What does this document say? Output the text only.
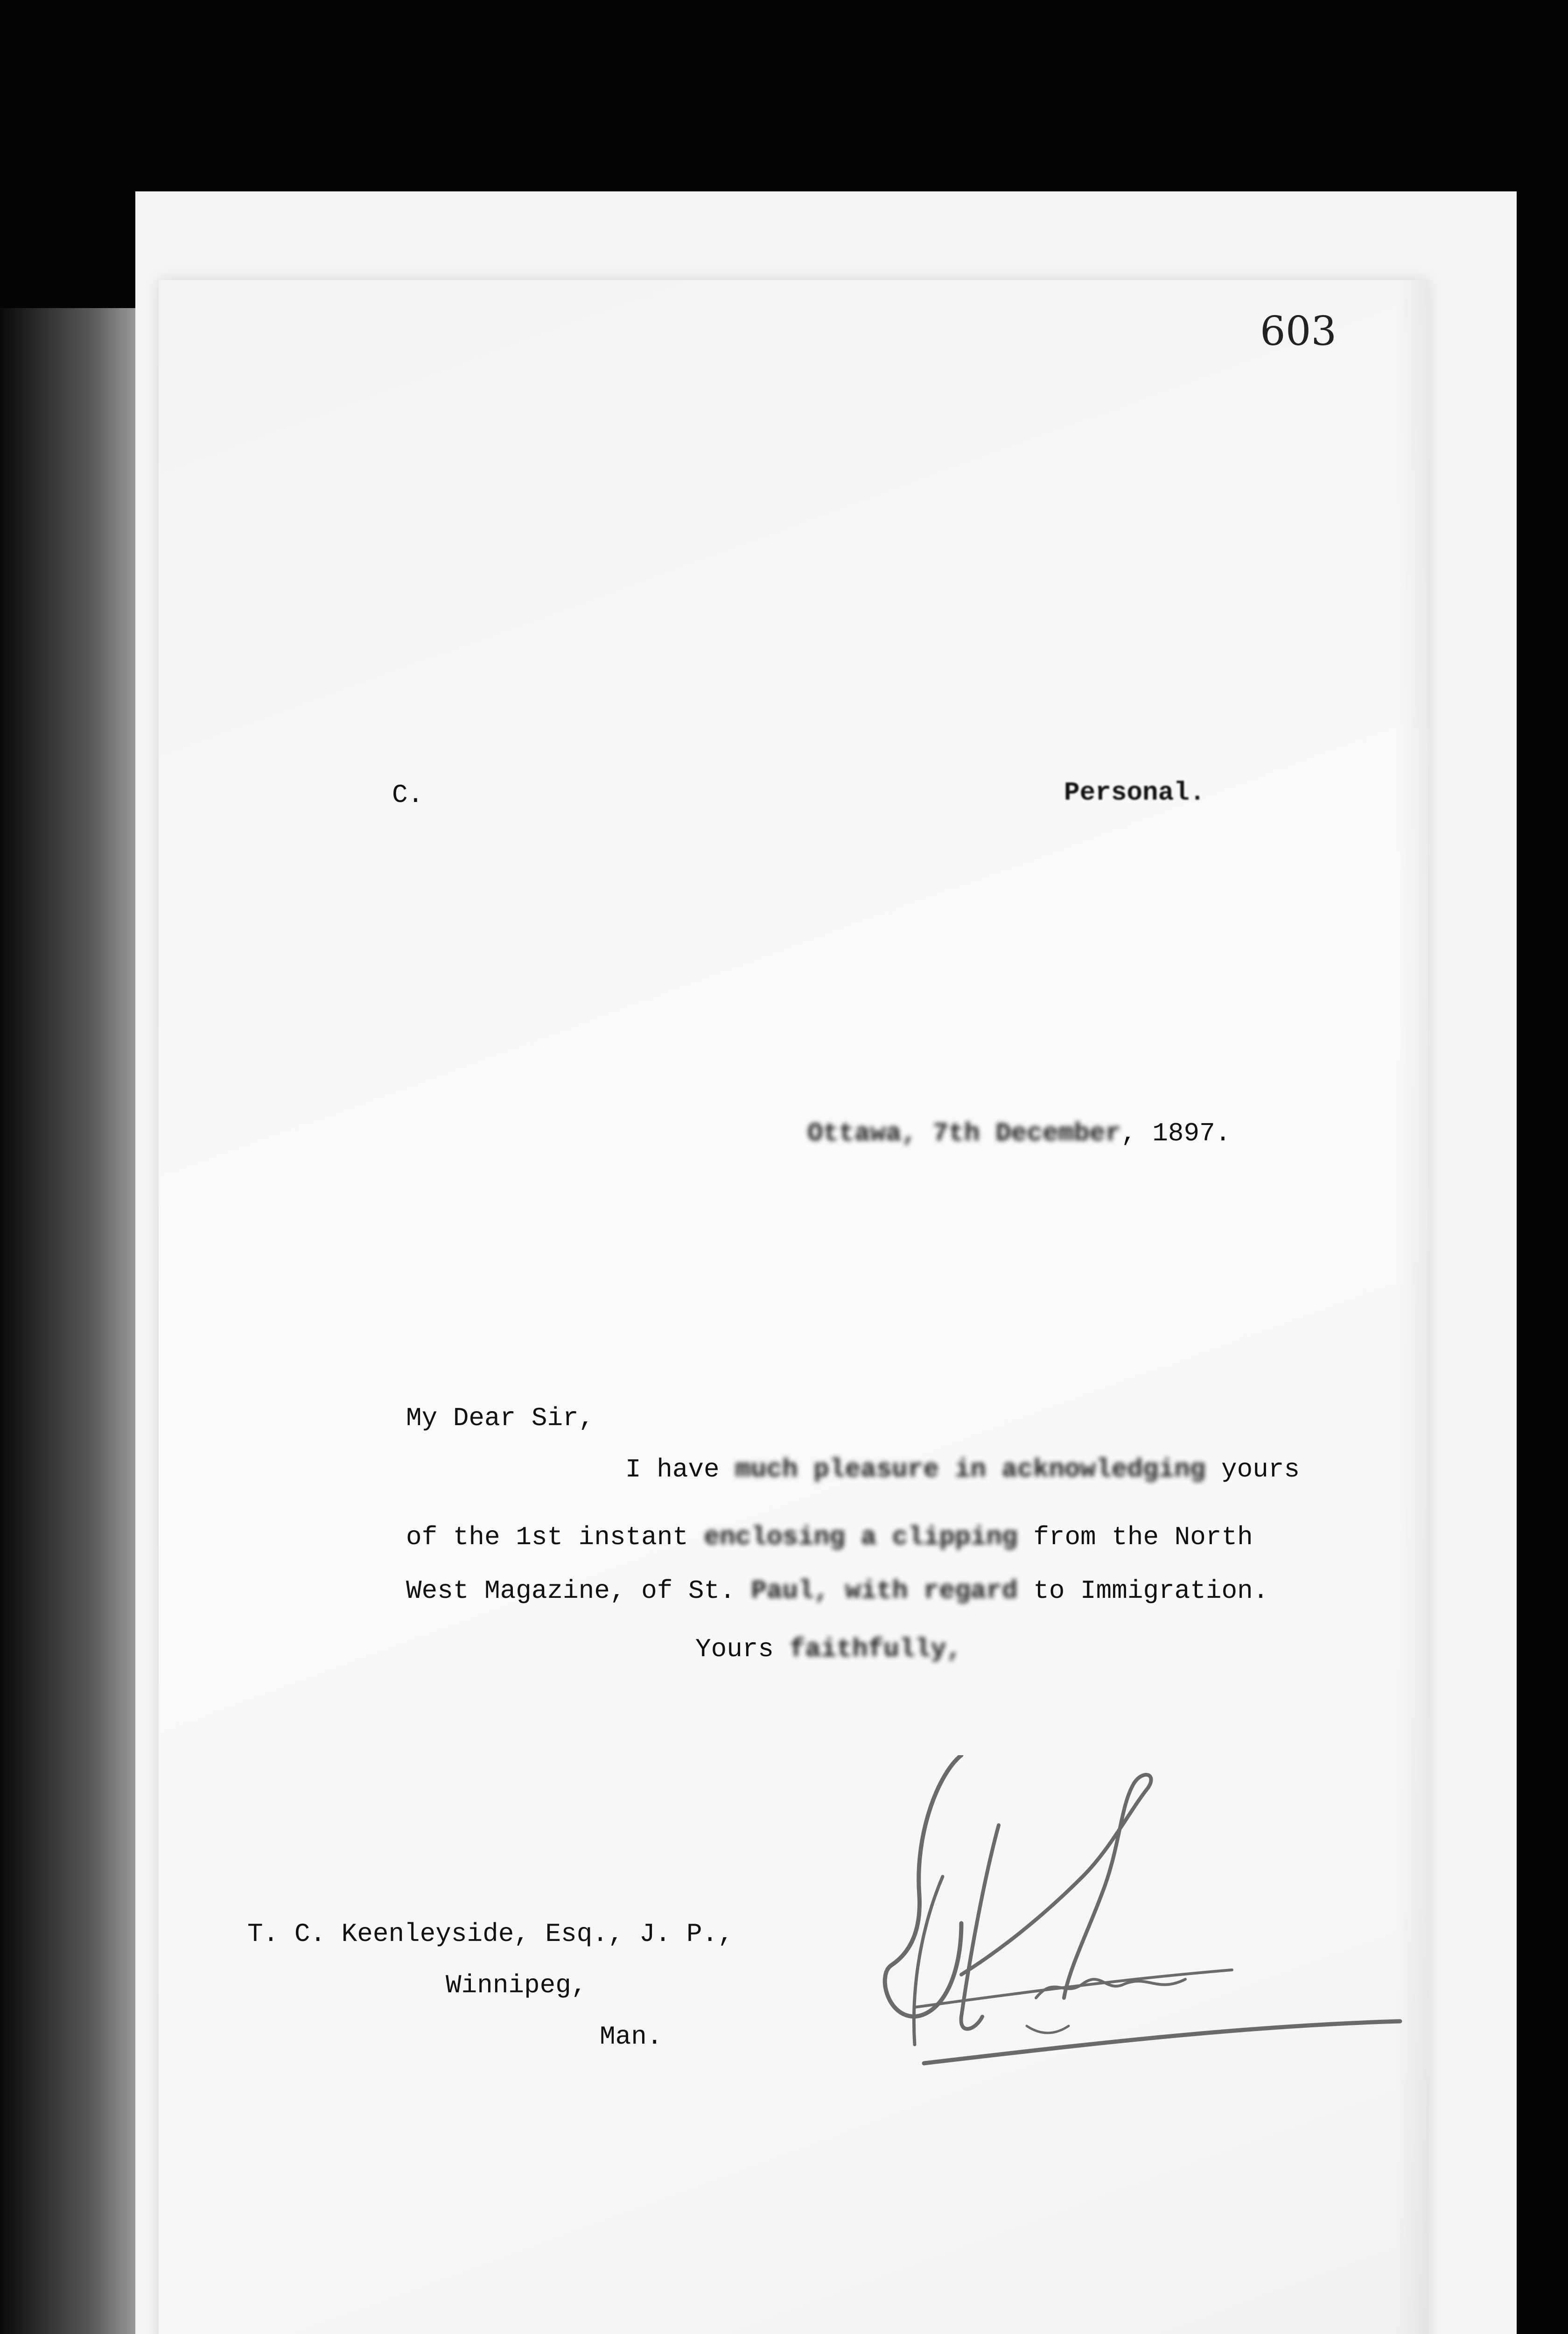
603
C.	Personal.
Ottawa, 7th December, 1897.
My Dear Sir,
I have much pleasure in acknowledging yours
of the 1st instant enclosing a clipping from the North
West Magazine, of St. Paul, with regard to Immigration.
Yours faithfully,
T. C. Keenleyside, Esq., J. P.,
Winnipeg,
Man.
